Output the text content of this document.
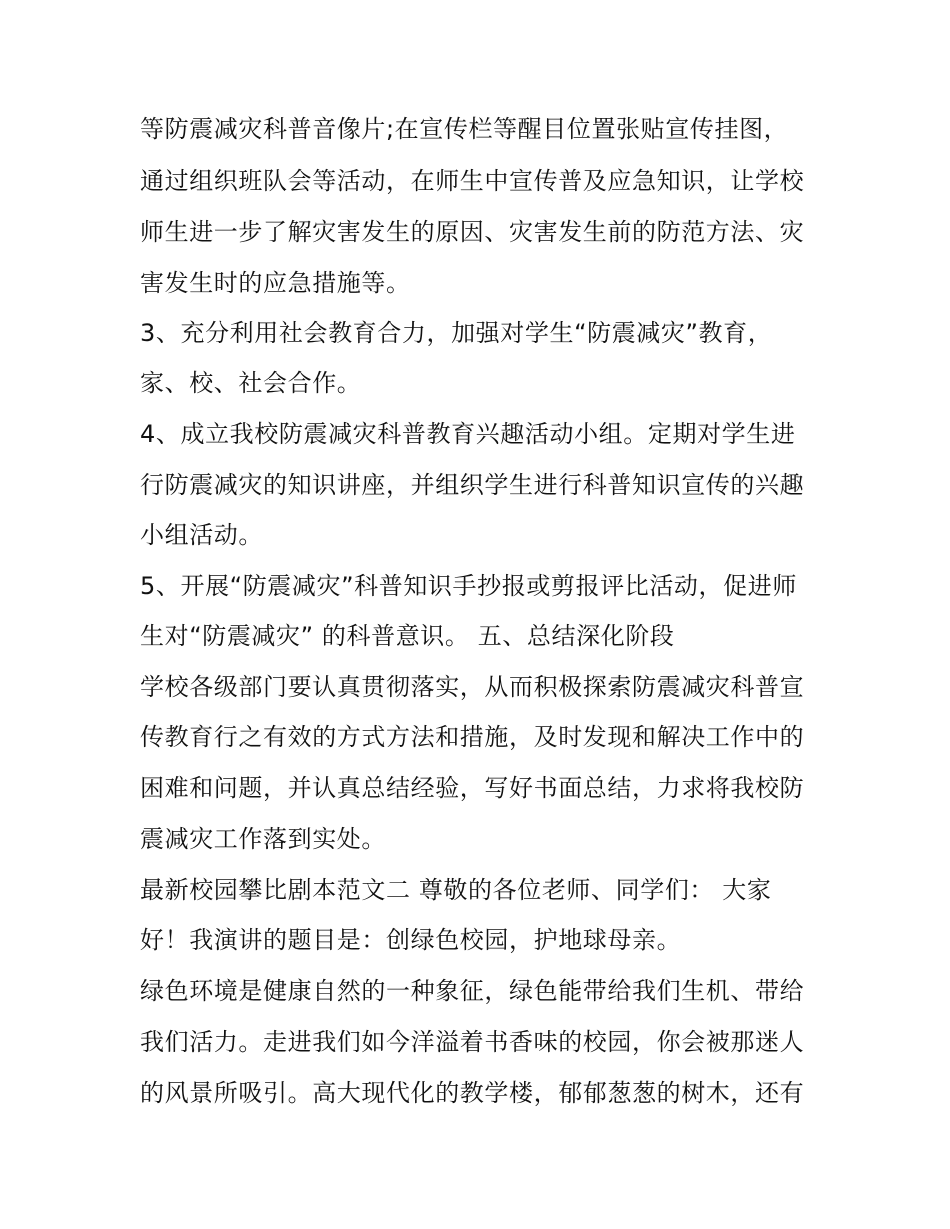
等防震减灾科普音像片;在宣传栏等醒目位置张贴宣传挂图，
通过组织班队会等活动，在师生中宣传普及应急知识，让学校
师生进一步了解灾害发生的原因、灾害发生前的防范方法、灾
害发生时的应急措施等。
3、充分利用社会教育合力，加强对学生“防震减灾”教育，
家、校、社会合作。
4、成立我校防震减灾科普教育兴趣活动小组。定期对学生进
行防震减灾的知识讲座，并组织学生进行科普知识宣传的兴趣
小组活动。
5、开展“防震减灾”科普知识手抄报或剪报评比活动，促进师
生对“防震减灾” 的科普意识。 五、总结深化阶段
学校各级部门要认真贯彻落实，从而积极探索防震减灾科普宣
传教育行之有效的方式方法和措施，及时发现和解决工作中的
困难和问题，并认真总结经验，写好书面总结，力求将我校防
震减灾工作落到实处。
最新校园攀比剧本范文二 尊敬的各位老师、同学们： 大家
好！我演讲的题目是：创绿色校园，护地球母亲。
绿色环境是健康自然的一种象征，绿色能带给我们生机、带给
我们活力。走进我们如今洋溢着书香味的校园，你会被那迷人
的风景所吸引。高大现代化的教学楼，郁郁葱葱的树木，还有
